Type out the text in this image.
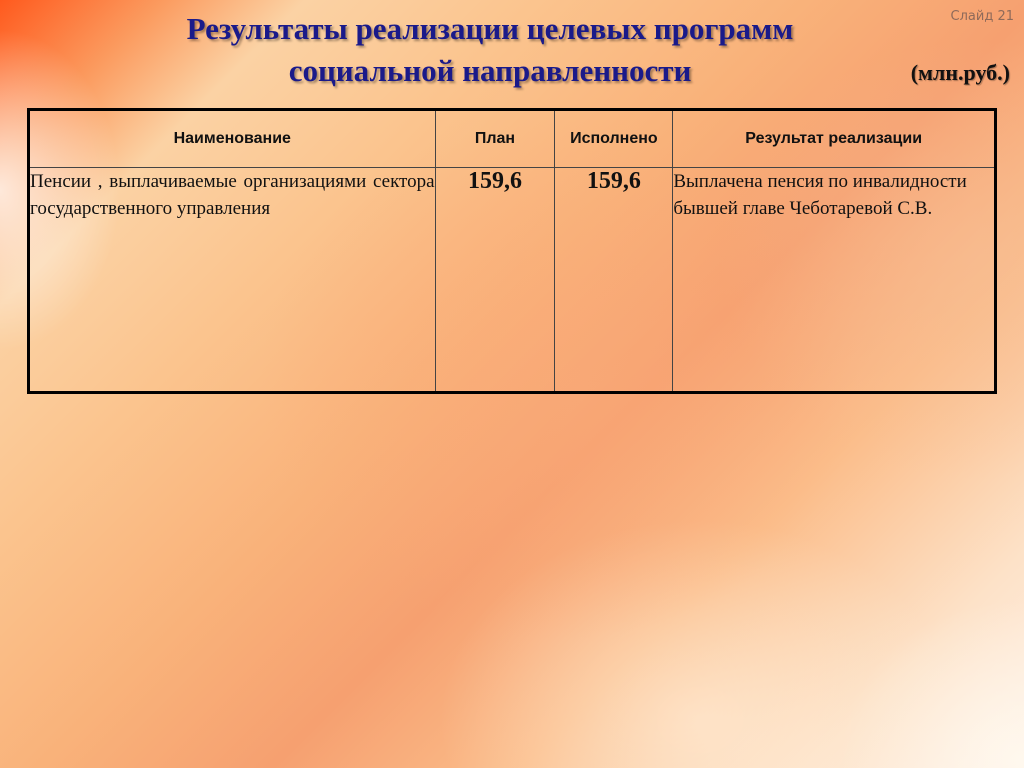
Слайд 21
Результаты реализации целевых программ
социальной направленности	(млн.руб.)
Наименование	План	Исполнено	Результат реализации
Пенсии , выплачиваемые организациями сектора государственного управления	159,6	159,6	Выплачена пенсия по инвалидности бывшей главе Чеботаревой С.В.
